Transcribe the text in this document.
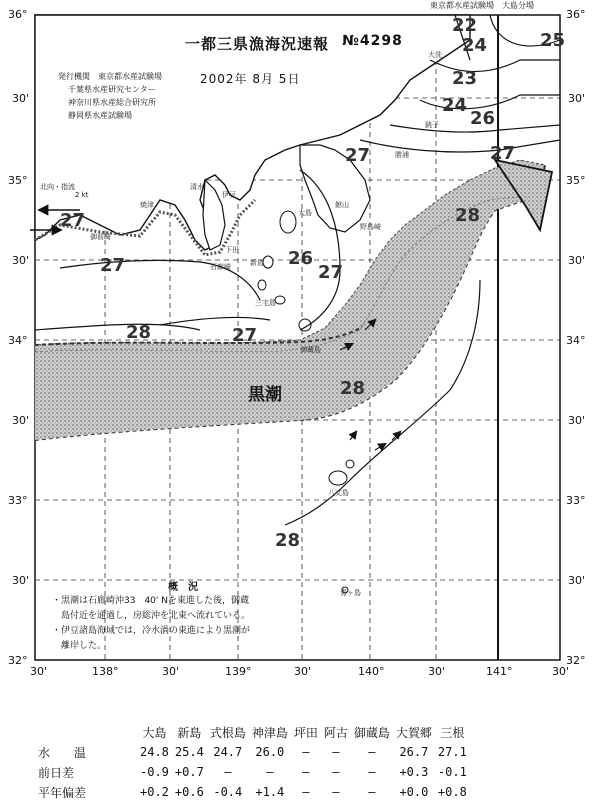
一都三県漁海況速報 №4298
2002年 8月 5日
発行機関　東京都水産試験場
千葉県水産研究センター
神奈川県水産総合研究所
静岡県水産試験場
東京都水産試験場　大島分場
北向・指流
2 kt
36°
30'
35°
30'
34°
30'
33°
30'
32°
36°
30'
35°
30'
34°
30'
33°
30'
32°
30'	138°	30'	139°	30'	140°	30'	141°	30'
22
24	25
23
24
26
27
27
28
27
27	26
27
27
28
28
28
黒潮
大洗
銚子
勝浦
館山
伊豆
下田
大島
新島
三宅島
御蔵島
八丈島
青ヶ島
石廊崎
野島崎
清水
焼津
御前崎
概　況
・黒潮は石廊崎沖33　40' Nを東進した後，御蔵
　島付近を通過し，房総沖を北東へ流れている。
・伊豆諸島海域では，冷水渦の東進により黒潮が
　離岸した。
	大島	新島	式根島	神津島	坪田	阿古	御蔵島	大賀郷	三根
水　　温	24.8	25.4	24.7	26.0	—	—	—	26.7	27.1
前日差	-0.9	+0.7	—	—	—	—	—	+0.3	-0.1
平年偏差	+0.2	+0.6	-0.4	+1.4	—	—	—	+0.0	+0.8
